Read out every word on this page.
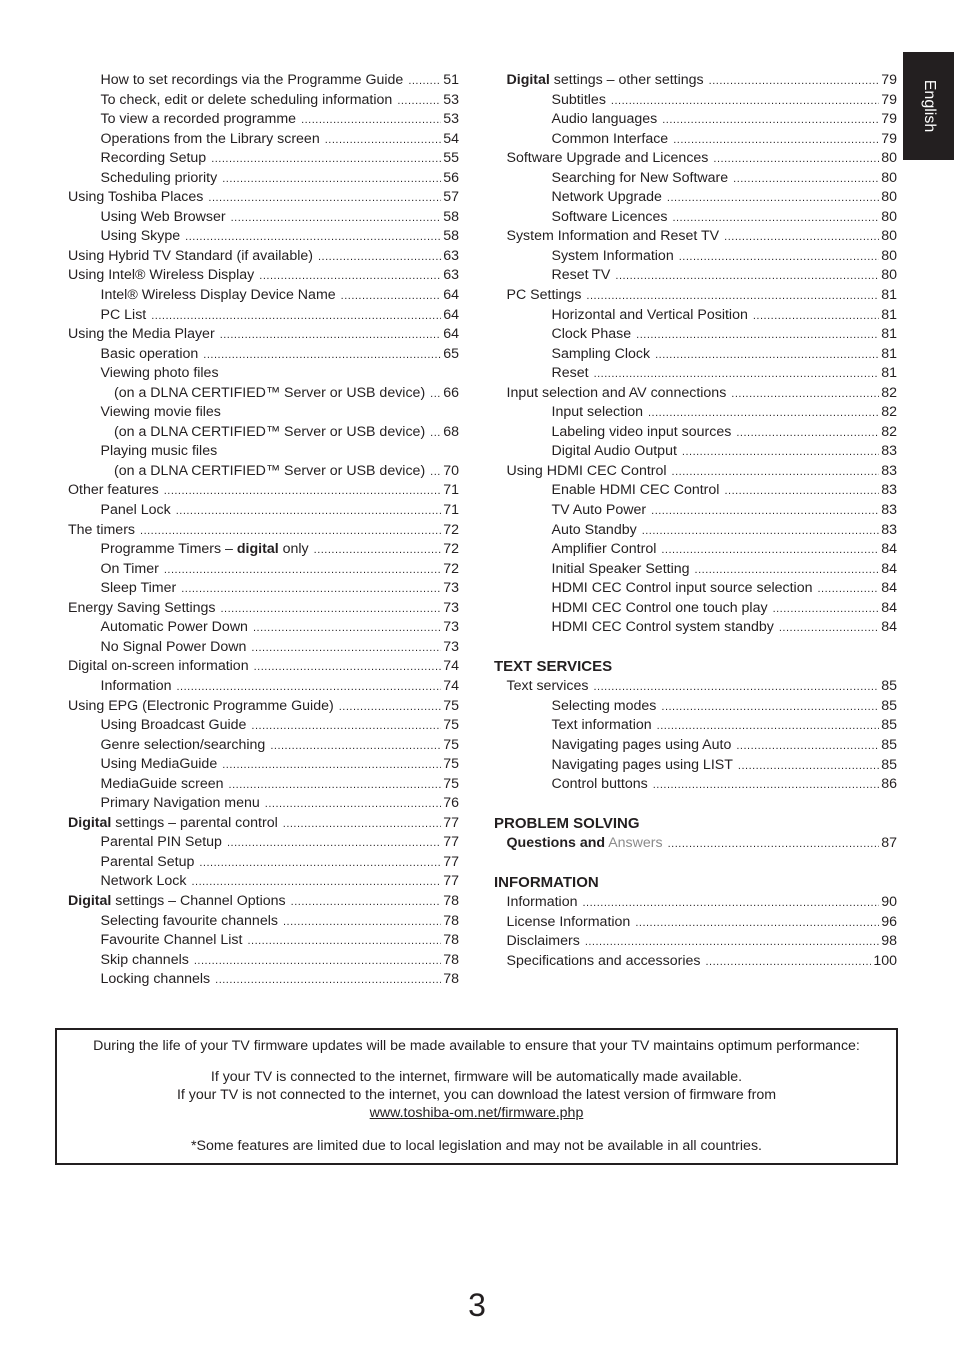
English
How to set recordings via the Programme Guide .....	51
To check, edit or delete scheduling information .....	53
To view a recorded programme .....	53
Operations from the Library screen .....	54
Recording Setup .....	55
Scheduling priority .....	56
Using Toshiba Places .....	57
Using Web Browser .....	58
Using Skype .....	58
Using Hybrid TV Standard (if available) .....	63
Using Intel® Wireless Display .....	63
Intel® Wireless Display Device Name .....	64
PC List .....	64
Using the Media Player .....	64
Basic operation .....	65
Viewing photo files
(on a DLNA CERTIFIED™ Server or USB device) ..... 66
Viewing movie files
(on a DLNA CERTIFIED™ Server or USB device) ..... 68
Playing music files
(on a DLNA CERTIFIED™ Server or USB device) ..... 70
Other features .....	71
Panel Lock .....	71
The timers .....	72
Programme Timers – digital only .....	72
On Timer .....	72
Sleep Timer .....	73
Energy Saving Settings .....	73
Automatic Power Down .....	73
No Signal Power Down .....	73
Digital on-screen information .....	74
Information .....	74
Using EPG (Electronic Programme Guide) .....	75
Using Broadcast Guide .....	75
Genre selection/searching .....	75
Using MediaGuide .....	75
MediaGuide screen .....	75
Primary Navigation menu .....	76
Digital settings – parental control .....	77
Parental PIN Setup .....	77
Parental Setup .....	77
Network Lock .....	77
Digital settings – Channel Options .....	78
Selecting favourite channels .....	78
Favourite Channel List .....	78
Skip channels .....	78
Locking channels .....	78
Digital settings – other settings .....	79
Subtitles .....	79
Audio languages .....	79
Common Interface .....	79
Software Upgrade and Licences .....	80
Searching for New Software .....	80
Network Upgrade .....	80
Software Licences .....	80
System Information and Reset TV .....	80
System Information .....	80
Reset TV .....	80
PC Settings .....	81
Horizontal and Vertical Position .....	81
Clock Phase .....	81
Sampling Clock .....	81
Reset .....	81
Input selection and AV connections .....	82
Input selection .....	82
Labeling video input sources .....	82
Digital Audio Output .....	83
Using HDMI CEC Control .....	83
Enable HDMI CEC Control .....	83
TV Auto Power .....	83
Auto Standby .....	83
Amplifier Control .....	84
Initial Speaker Setting .....	84
HDMI CEC Control input source selection .....	84
HDMI CEC Control one touch play .....	84
HDMI CEC Control system standby .....	84
TEXT SERVICES
Text services .....	85
Selecting modes .....	85
Text information .....	85
Navigating pages using Auto .....	85
Navigating pages using LIST .....	85
Control buttons .....	86
PROBLEM SOLVING
Questions and Answers .....	87
INFORMATION
Information .....	90
License Information .....	96
Disclaimers .....	98
Specifications and accessories .....	100

During the life of your TV firmware updates will be made available to ensure that your TV maintains optimum performance:

If your TV is connected to the internet, firmware will be automatically made available.

If your TV is not connected to the internet, you can download the latest version of firmware from

www.toshiba-om.net/firmware.php

*Some features are limited due to local legislation and may not be available in all countries.

3
